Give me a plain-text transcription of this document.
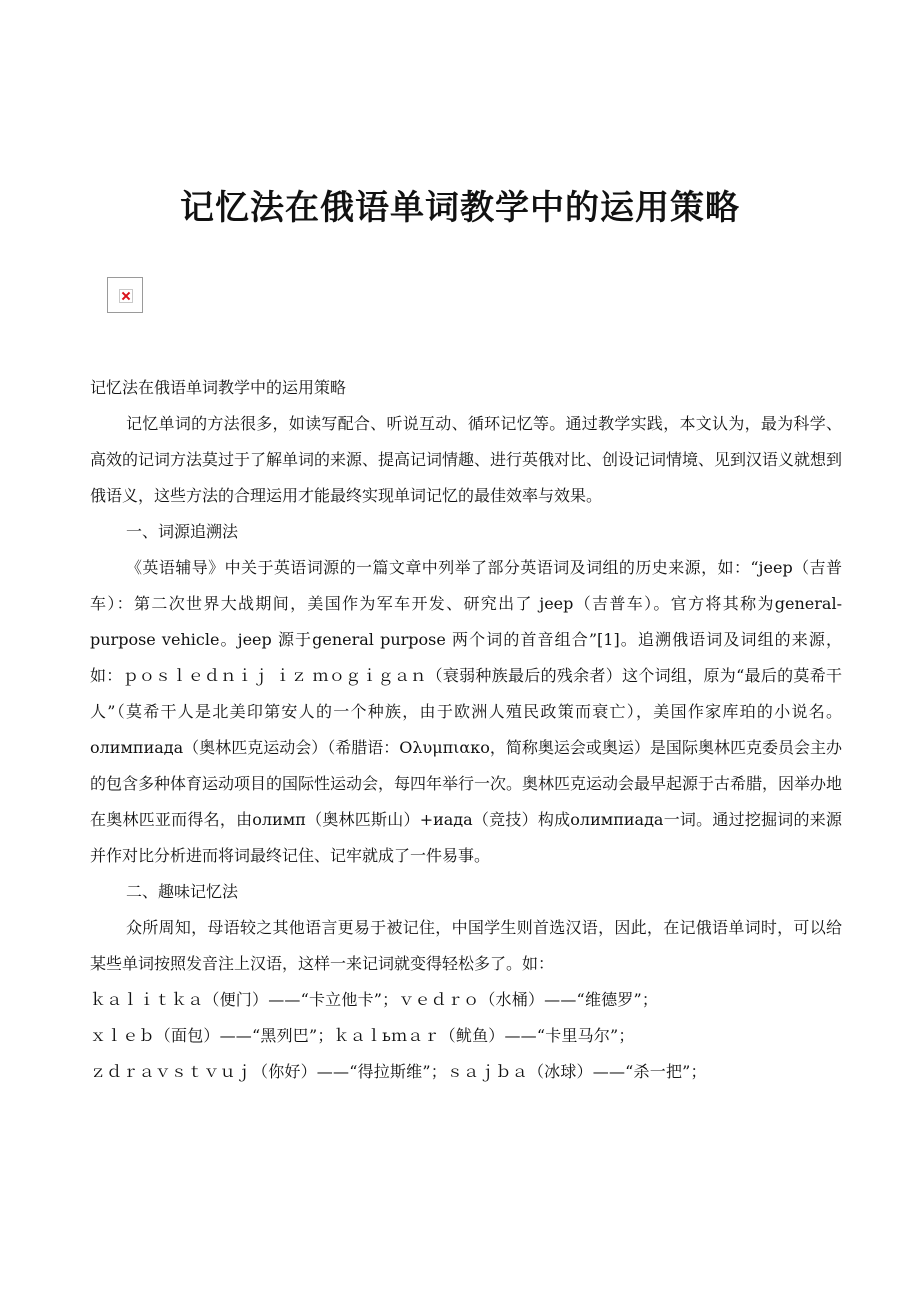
记忆法在俄语单词教学中的运用策略

记忆法在俄语单词教学中的运用策略

记忆单词的方法很多，如读写配合、听说互动、循环记忆等。通过教学实践，本文认为，最为科学、高效的记词方法莫过于了解单词的来源、提高记词情趣、进行英俄对比、创设记词情境、见到汉语义就想到俄语义，这些方法的合理运用才能最终实现单词记忆的最佳效率与效果。

一、词源追溯法

《英语辅导》中关于英语词源的一篇文章中列举了部分英语词及词组的历史来源，如：“jeep（吉普车）：第二次世界大战期间，美国作为军车开发、研究出了 jeep（吉普车）。官方将其称为general-purpose vehicle。jeep 源于general purpose 两个词的首音组合”[1]。追溯俄语词及词组的来源，如：ｐｏｓｌｅｄｎｉｊ ｉｚ ｍｏｇｉｇａｎ（衰弱种族最后的残余者）这个词组，原为“最后的莫希干人”（莫希干人是北美印第安人的一个种族，由于欧洲人殖民政策而衰亡），美国作家库珀的小说名。олимпиада（奥林匹克运动会）（希腊语：Ολυμπιακο，简称奥运会或奥运）是国际奥林匹克委员会主办的包含多种体育运动项目的国际性运动会，每四年举行一次。奥林匹克运动会最早起源于古希腊，因举办地在奥林匹亚而得名，由олимп（奥林匹斯山）+иада（竞技）构成олимпиада一词。通过挖掘词的来源并作对比分析进而将词最终记住、记牢就成了一件易事。

二、趣味记忆法

众所周知，母语较之其他语言更易于被记住，中国学生则首选汉语，因此，在记俄语单词时，可以给某些单词按照发音注上汉语，这样一来记词就变得轻松多了。如：

ｋａｌｉｔｋａ（便门）——“卡立他卡”；ｖｅｄｒｏ（水桶）——“维德罗”；

ｘｌｅｂ（面包）——“黑列巴”；ｋａｌьｍａｒ（鱿鱼）——“卡里马尔”；

ｚｄｒａｖｓｔｖｕｊ（你好）——“得拉斯维”；ｓａｊｂａ（冰球）——“杀一把”；
